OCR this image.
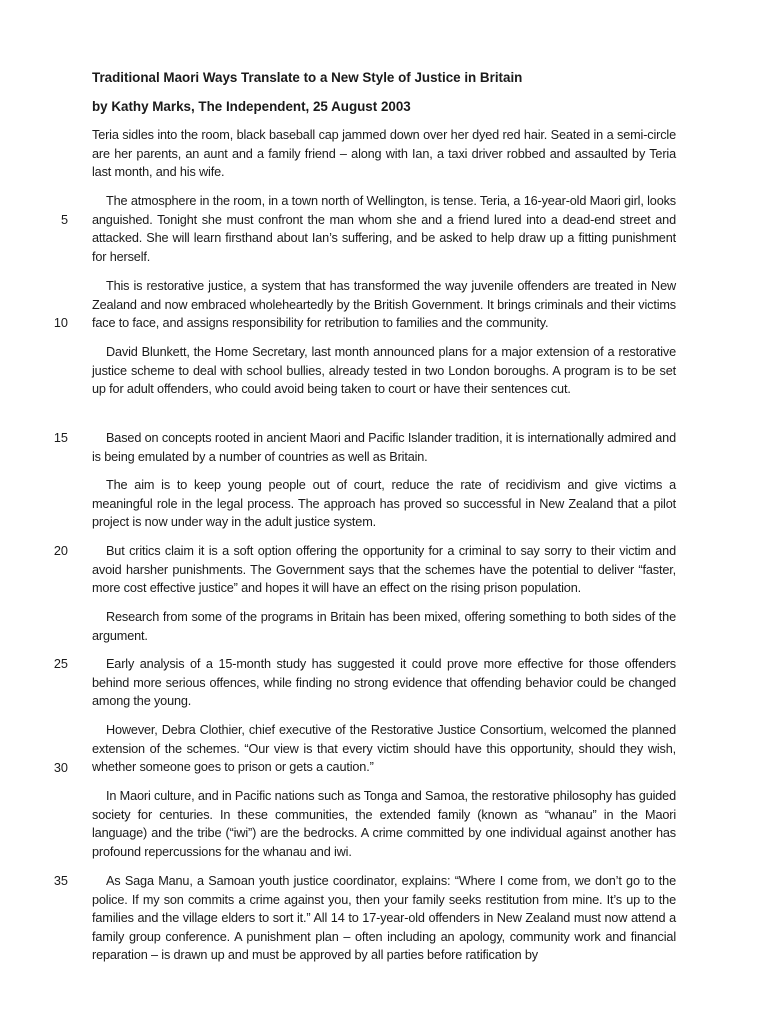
Traditional Maori Ways Translate to a New Style of Justice in Britain

by Kathy Marks, The Independent, 25 August 2003

Teria sidles into the room, black baseball cap jammed down over her dyed red hair. Seated in a semi-circle are her parents, an aunt and a family friend – along with Ian, a taxi driver robbed and assaulted by Teria last month, and his wife.

The atmosphere in the room, in a town north of Wellington, is tense. Teria, a 16-year-old Maori girl, looks anguished. Tonight she must confront the man whom she and a friend lured into a dead-end street and attacked. She will learn firsthand about Ian’s suffering, and be asked to help draw up a fitting punishment for herself.

This is restorative justice, a system that has transformed the way juvenile offenders are treated in New Zealand and now embraced wholeheartedly by the British Government. It brings criminals and their victims face to face, and assigns responsibility for retribution to families and the community.

David Blunkett, the Home Secretary, last month announced plans for a major extension of a restorative justice scheme to deal with school bullies, already tested in two London boroughs. A program is to be set up for adult offenders, who could avoid being taken to court or have their sentences cut.

Based on concepts rooted in ancient Maori and Pacific Islander tradition, it is internationally admired and is being emulated by a number of countries as well as Britain.

The aim is to keep young people out of court, reduce the rate of recidivism and give victims a meaningful role in the legal process. The approach has proved so successful in New Zealand that a pilot project is now under way in the adult justice system.

But critics claim it is a soft option offering the opportunity for a criminal to say sorry to their victim and avoid harsher punishments. The Government says that the schemes have the potential to deliver “faster, more cost effective justice” and hopes it will have an effect on the rising prison population.

Research from some of the programs in Britain has been mixed, offering something to both sides of the argument.

Early analysis of a 15-month study has suggested it could prove more effective for those offenders behind more serious offences, while finding no strong evidence that offending behavior could be changed among the young.

However, Debra Clothier, chief executive of the Restorative Justice Consortium, welcomed the planned extension of the schemes. “Our view is that every victim should have this opportunity, should they wish, whether someone goes to prison or gets a caution.”

In Maori culture, and in Pacific nations such as Tonga and Samoa, the restorative philosophy has guided society for centuries. In these communities, the extended family (known as “whanau” in the Maori language) and the tribe (“iwi”) are the bedrocks. A crime committed by one individual against another has profound repercussions for the whanau and iwi.

As Saga Manu, a Samoan youth justice coordinator, explains: “Where I come from, we don’t go to the police. If my son commits a crime against you, then your family seeks restitution from mine. It’s up to the families and the village elders to sort it.” All 14 to 17-year-old offenders in New Zealand must now attend a family group conference. A punishment plan – often including an apology, community work and financial reparation – is drawn up and must be approved by all parties before ratification by

5
10
15
20
25
30
35
